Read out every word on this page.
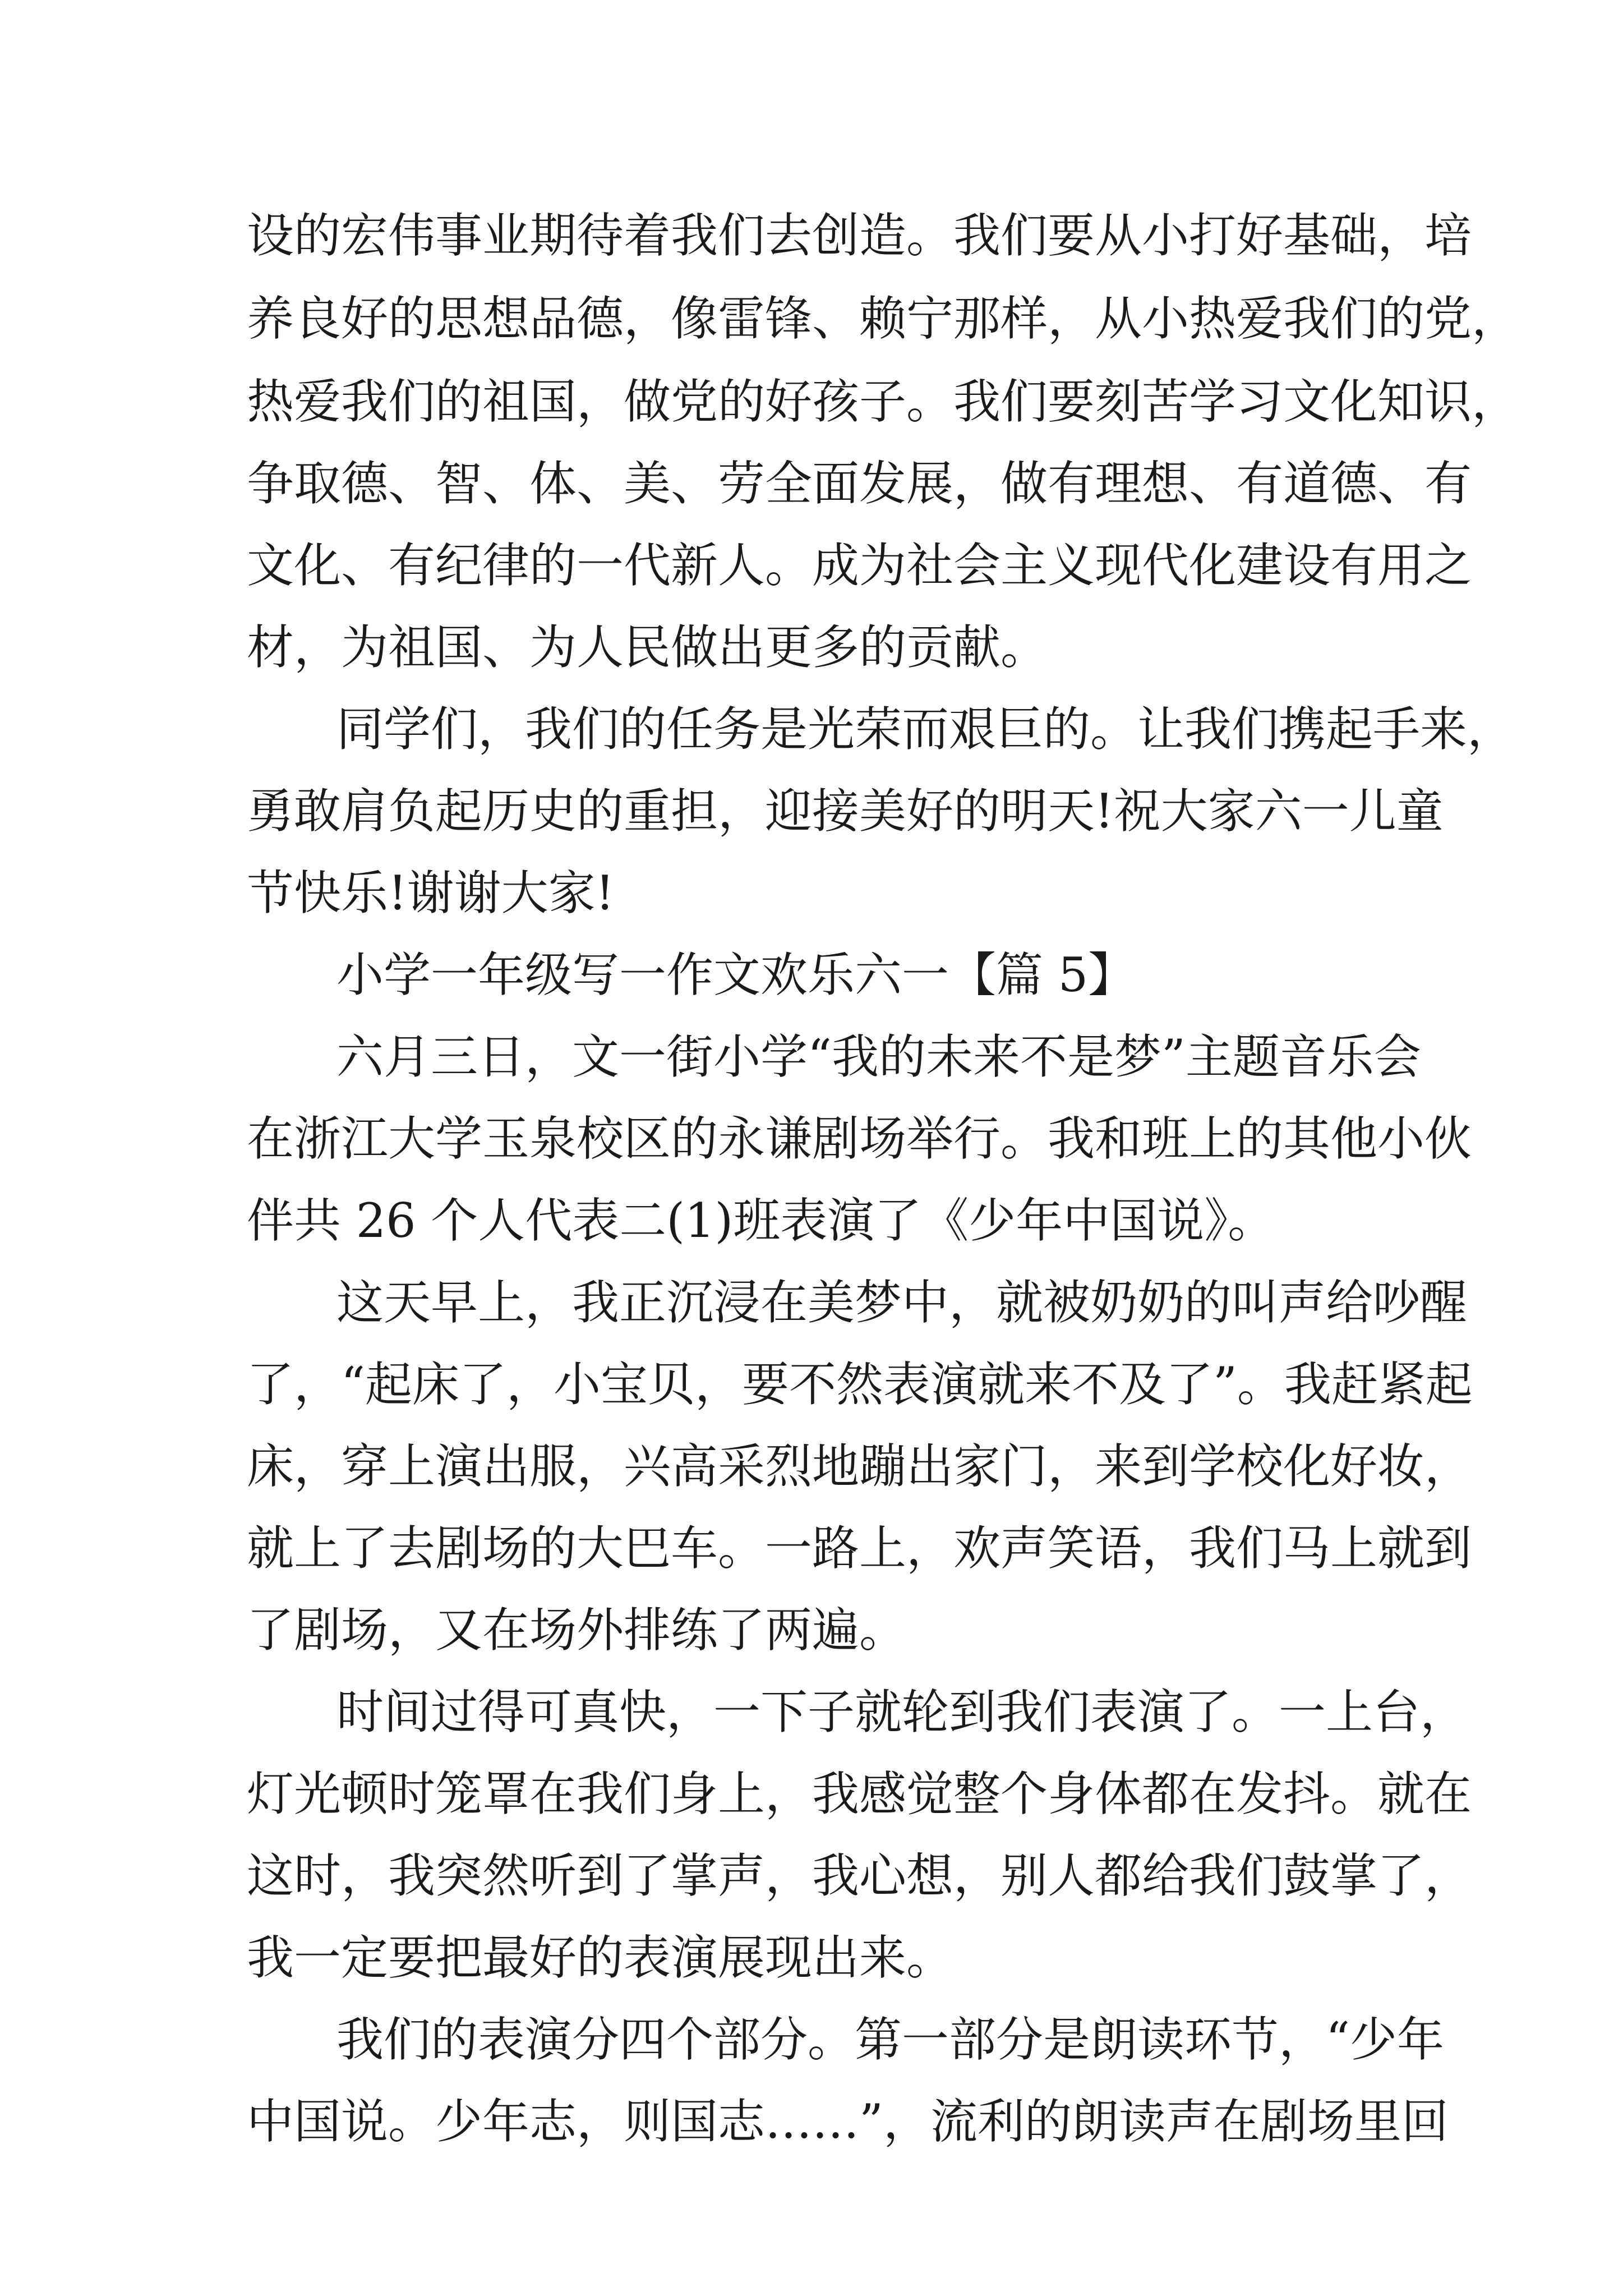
设的宏伟事业期待着我们去创造。我们要从小打好基础，培

养良好的思想品德，像雷锋、赖宁那样，从小热爱我们的党，

热爱我们的祖国，做党的好孩子。我们要刻苦学习文化知识，

争取德、智、体、美、劳全面发展，做有理想、有道德、有

文化、有纪律的一代新人。成为社会主义现代化建设有用之

材，为祖国、为人民做出更多的贡献。

同学们，我们的任务是光荣而艰巨的。让我们携起手来，

勇敢肩负起历史的重担，迎接美好的明天!祝大家六一儿童

节快乐!谢谢大家!

小学一年级写一作文欢乐六一【篇 5】

六月三日，文一街小学“我的未来不是梦”主题音乐会

在浙江大学玉泉校区的永谦剧场举行。我和班上的其他小伙

伴共 26 个人代表二(1)班表演了《少年中国说》。

这天早上，我正沉浸在美梦中，就被奶奶的叫声给吵醒

了，“起床了，小宝贝，要不然表演就来不及了”。我赶紧起

床，穿上演出服，兴高采烈地蹦出家门，来到学校化好妆，

就上了去剧场的大巴车。一路上，欢声笑语，我们马上就到

了剧场，又在场外排练了两遍。

时间过得可真快，一下子就轮到我们表演了。一上台，

灯光顿时笼罩在我们身上，我感觉整个身体都在发抖。就在

这时，我突然听到了掌声，我心想，别人都给我们鼓掌了，

我一定要把最好的表演展现出来。

我们的表演分四个部分。第一部分是朗读环节，“少年

中国说。少年志，则国志……”，流利的朗读声在剧场里回
